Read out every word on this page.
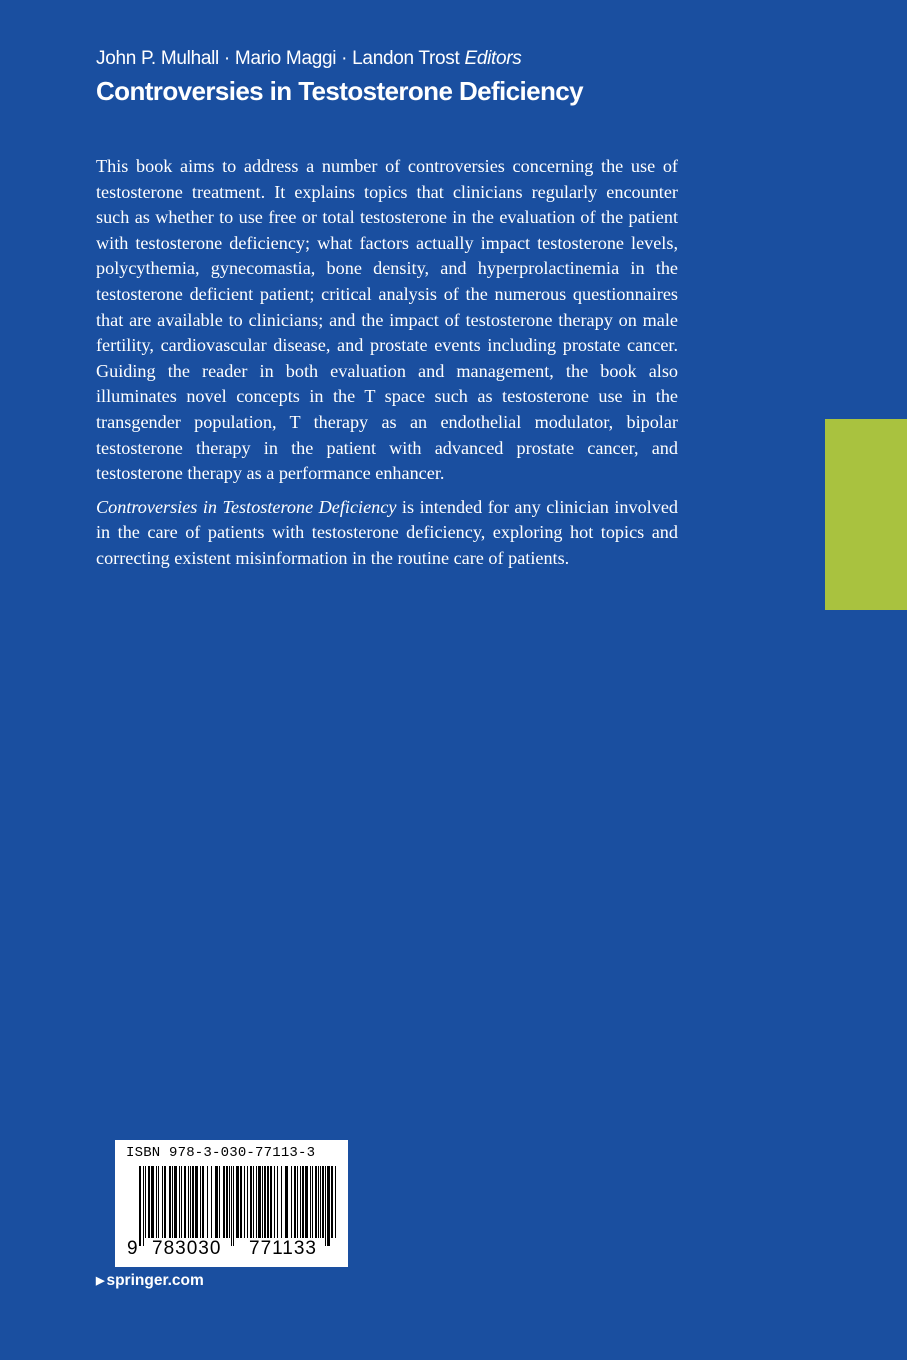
John P. Mulhall · Mario Maggi · Landon Trost Editors
Controversies in Testosterone Deficiency

This book aims to address a number of controversies concerning the use of testosterone treatment. It explains topics that clinicians regularly encounter such as whether to use free or total testosterone in the evaluation of the patient with testosterone deficiency; what factors actually impact testosterone levels, polycythemia, gynecomastia, bone density, and hyperprolactinemia in the testosterone deficient patient; critical analysis of the numerous questionnaires that are available to clinicians; and the impact of testosterone therapy on male fertility, cardiovascular disease, and prostate events including prostate cancer. Guiding the reader in both evaluation and management, the book also illuminates novel concepts in the T space such as testosterone use in the transgender population, T therapy as an endothelial modulator, bipolar testosterone therapy in the patient with advanced prostate cancer, and testosterone therapy as a performance enhancer.

Controversies in Testosterone Deficiency is intended for any clinician involved in the care of patients with testosterone deficiency, exploring hot topics and correcting existent misinformation in the routine care of patients.

ISBN 978-3-030-77113-3
9 783030 771133
▶ springer.com
